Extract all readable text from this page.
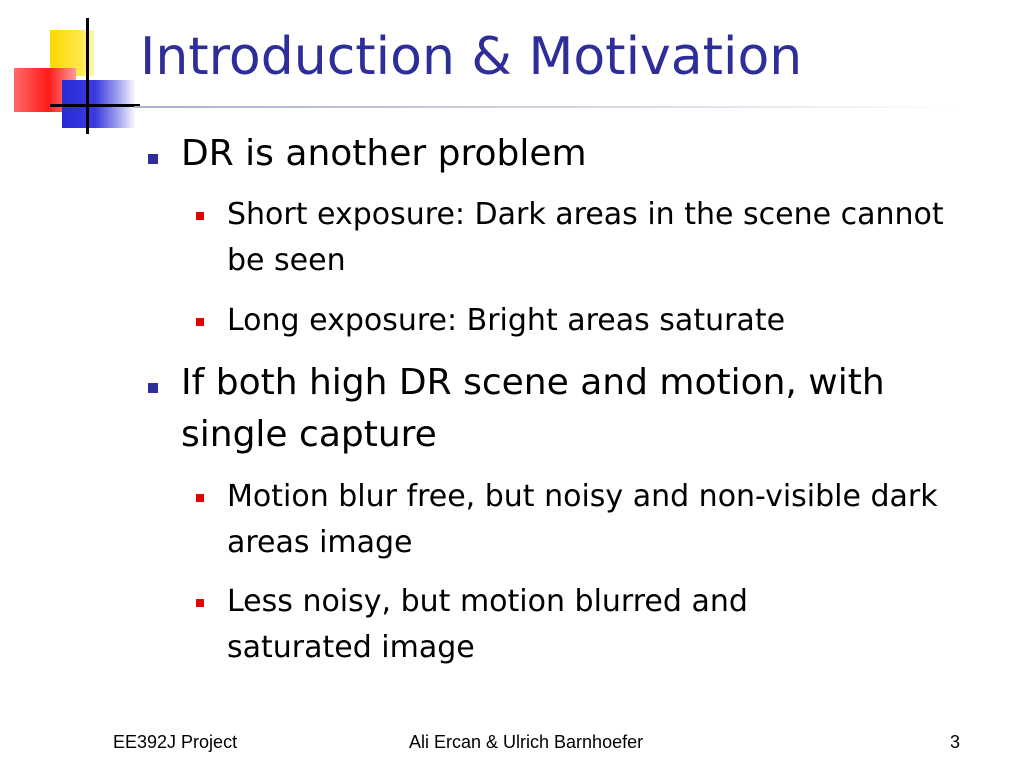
Introduction & Motivation
DR is another problem
Short exposure: Dark areas in the scene cannot be seen
Long exposure: Bright areas saturate
If both high DR scene and motion, with single capture
Motion blur free, but noisy and non-visible dark areas image
Less noisy, but motion blurred and saturated image
EE392J Project	Ali Ercan & Ulrich Barnhoefer	3
